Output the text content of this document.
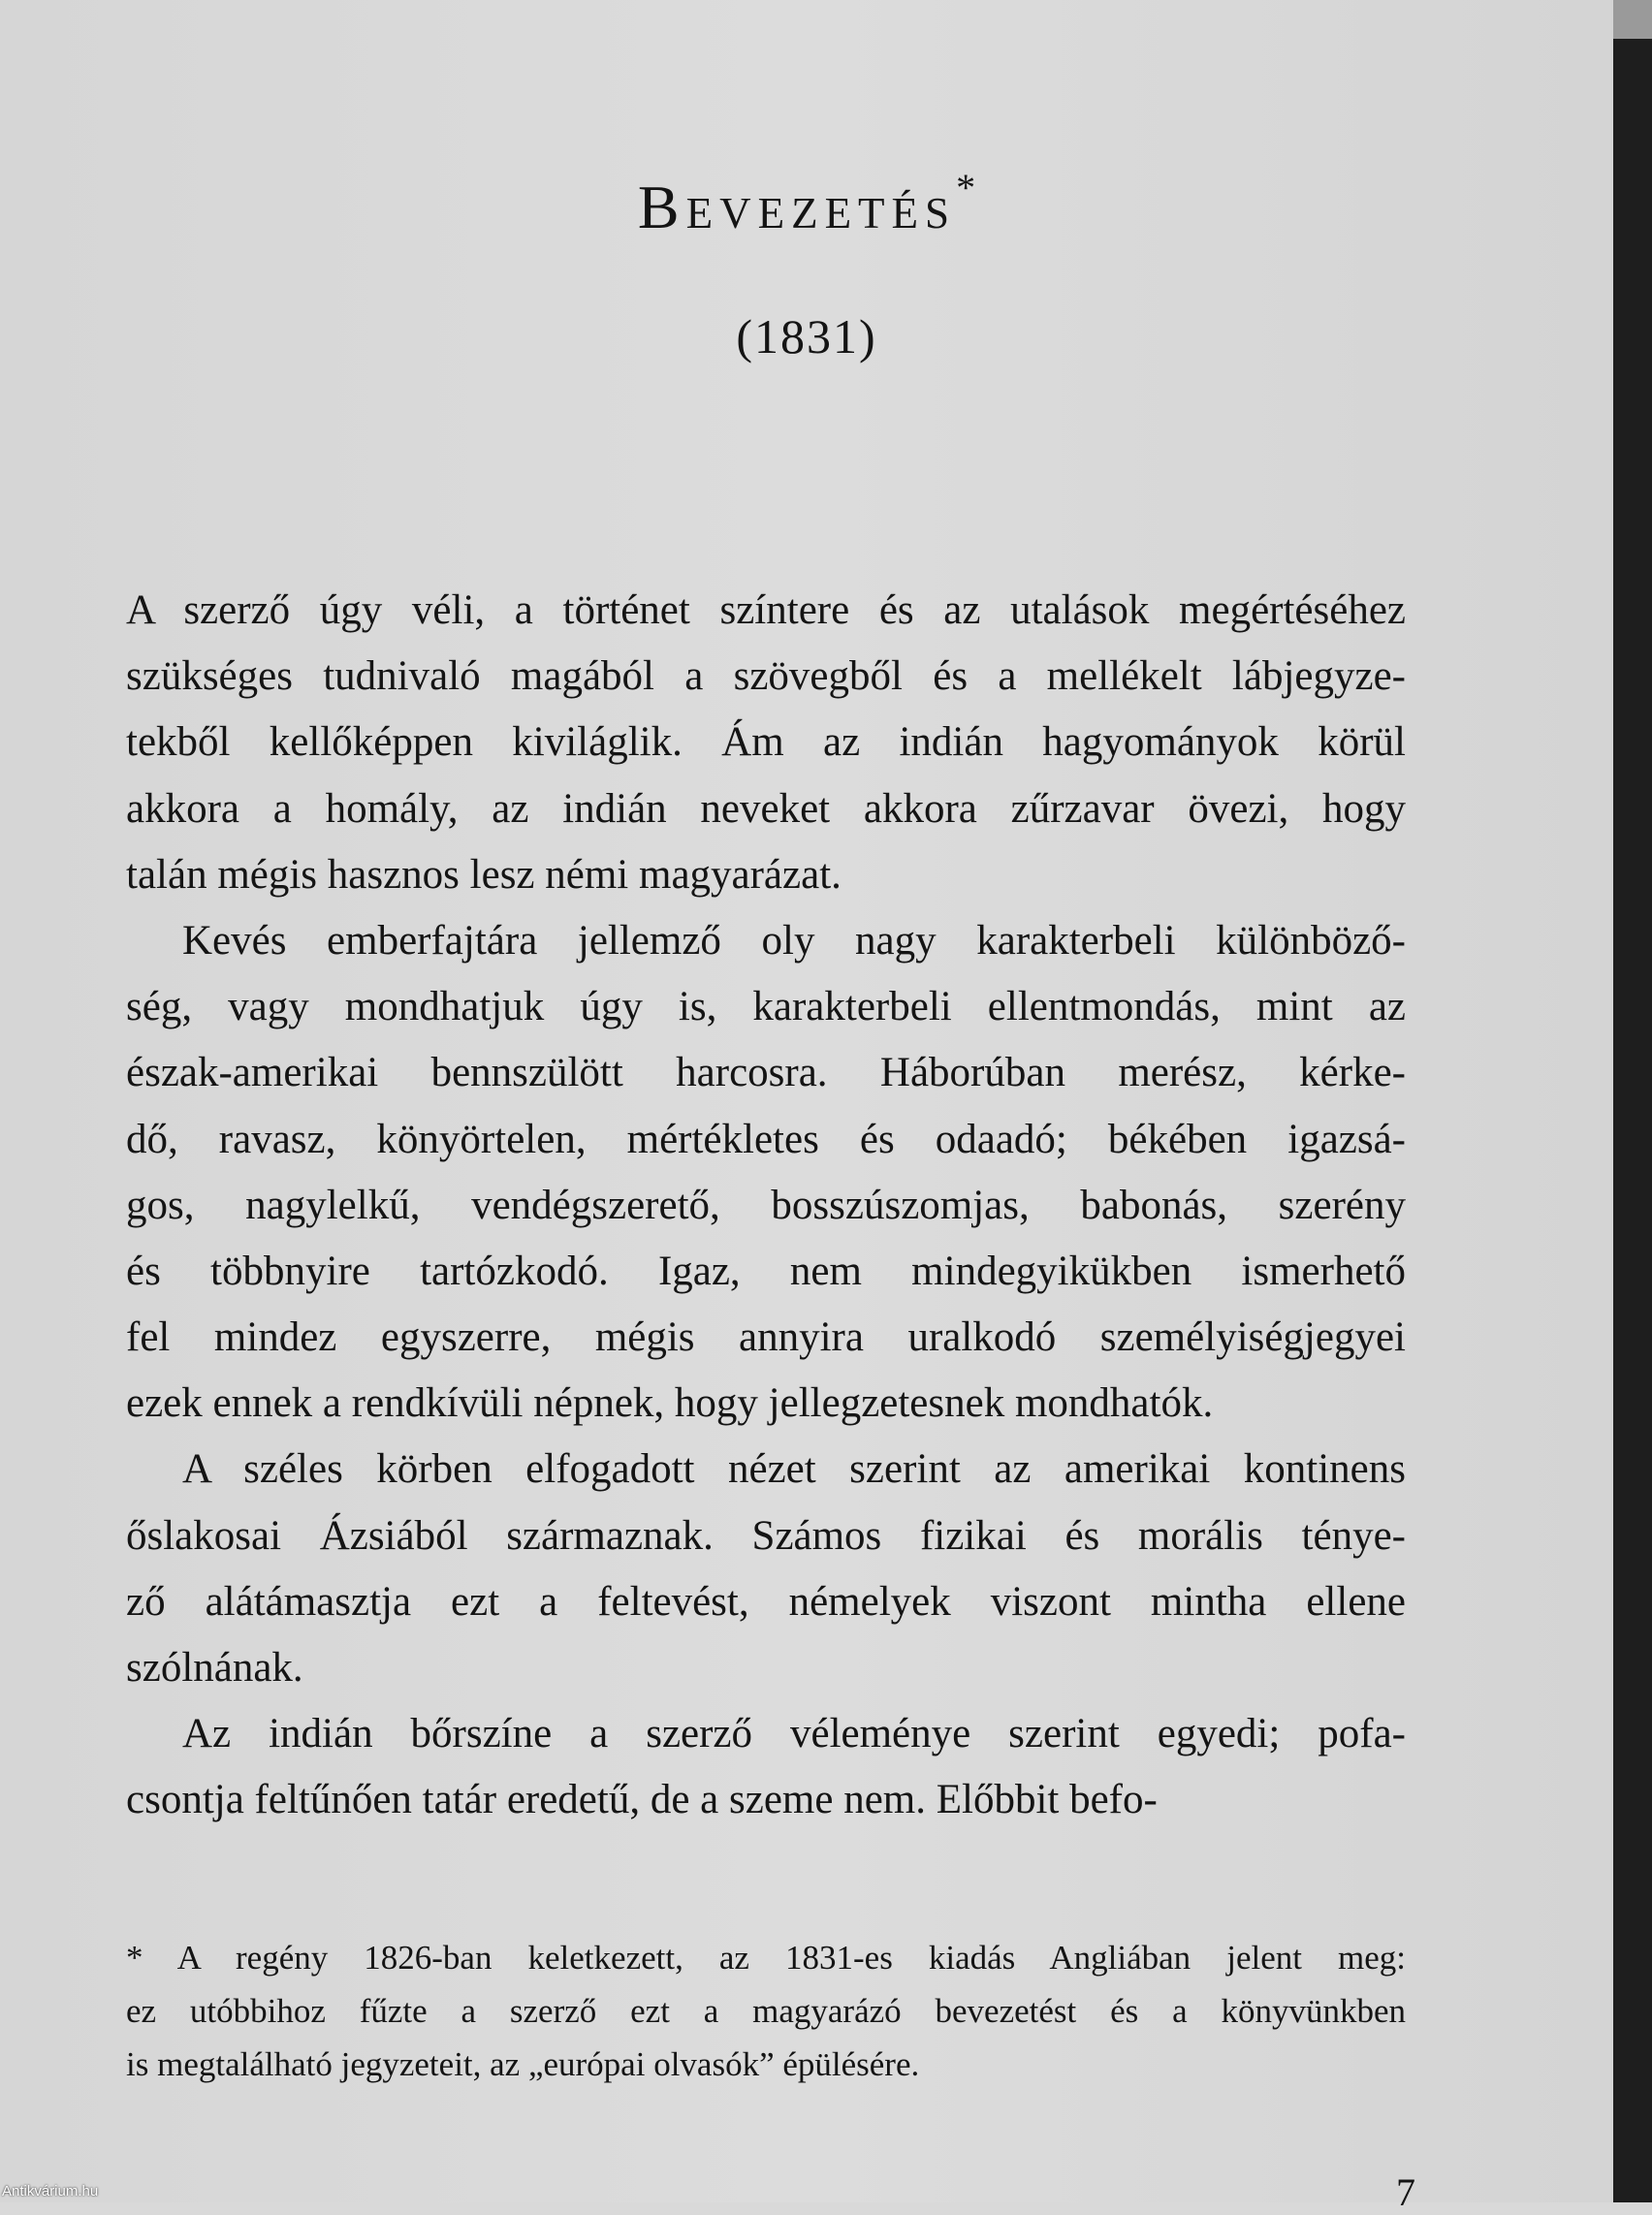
Bevezetés*
(1831)
A szerző úgy véli, a történet színtere és az utalások megértéséhez
szükséges tudnivaló magából a szövegből és a mellékelt lábjegyze-
tekből kellőképpen kiviláglik. Ám az indián hagyományok körül
akkora a homály, az indián neveket akkora zűrzavar övezi, hogy
talán mégis hasznos lesz némi magyarázat.
Kevés emberfajtára jellemző oly nagy karakterbeli különböző-
ség, vagy mondhatjuk úgy is, karakterbeli ellentmondás, mint az
észak-amerikai bennszülött harcosra. Háborúban merész, kérke-
dő, ravasz, könyörtelen, mértékletes és odaadó; békében igazsá-
gos, nagylelkű, vendégszerető, bosszúszomjas, babonás, szerény
és többnyire tartózkodó. Igaz, nem mindegyikükben ismerhető
fel mindez egyszerre, mégis annyira uralkodó személyiségjegyei
ezek ennek a rendkívüli népnek, hogy jellegzetesnek mondhatók.
A széles körben elfogadott nézet szerint az amerikai kontinens
őslakosai Ázsiából származnak. Számos fizikai és morális ténye-
ző alátámasztja ezt a feltevést, némelyek viszont mintha ellene
szólnának.
Az indián bőrszíne a szerző véleménye szerint egyedi; pofa-
csontja feltűnően tatár eredetű, de a szeme nem. Előbbit befo-
* A regény 1826-ban keletkezett, az 1831-es kiadás Angliában jelent meg:
ez utóbbihoz fűzte a szerző ezt a magyarázó bevezetést és a könyvünkben
is megtalálható jegyzeteit, az „európai olvasók” épülésére.
7
Antikvárium.hu
